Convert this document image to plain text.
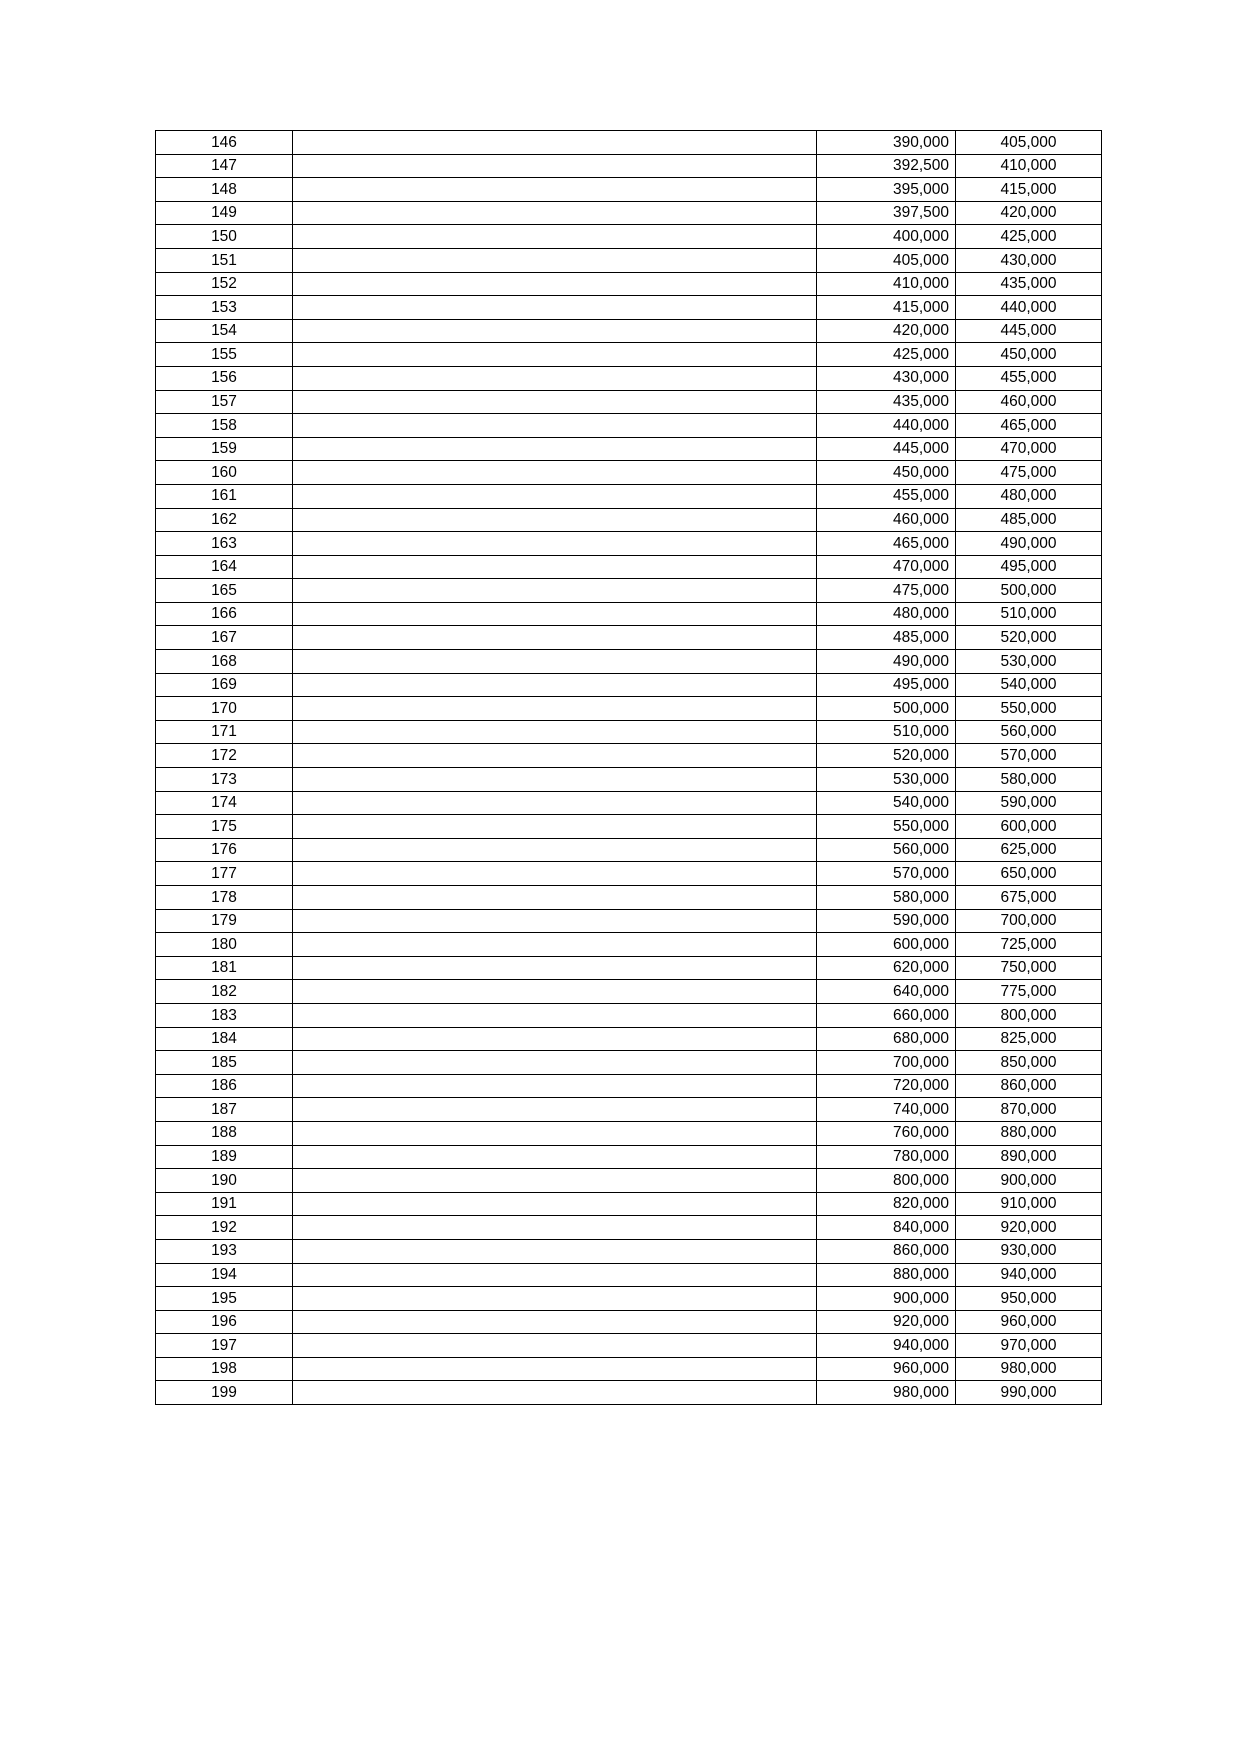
146		390,000	405,000
147		392,500	410,000
148		395,000	415,000
149		397,500	420,000
150		400,000	425,000
151		405,000	430,000
152		410,000	435,000
153		415,000	440,000
154		420,000	445,000
155		425,000	450,000
156		430,000	455,000
157		435,000	460,000
158		440,000	465,000
159		445,000	470,000
160		450,000	475,000
161		455,000	480,000
162		460,000	485,000
163		465,000	490,000
164		470,000	495,000
165		475,000	500,000
166		480,000	510,000
167		485,000	520,000
168		490,000	530,000
169		495,000	540,000
170		500,000	550,000
171		510,000	560,000
172		520,000	570,000
173		530,000	580,000
174		540,000	590,000
175		550,000	600,000
176		560,000	625,000
177		570,000	650,000
178		580,000	675,000
179		590,000	700,000
180		600,000	725,000
181		620,000	750,000
182		640,000	775,000
183		660,000	800,000
184		680,000	825,000
185		700,000	850,000
186		720,000	860,000
187		740,000	870,000
188		760,000	880,000
189		780,000	890,000
190		800,000	900,000
191		820,000	910,000
192		840,000	920,000
193		860,000	930,000
194		880,000	940,000
195		900,000	950,000
196		920,000	960,000
197		940,000	970,000
198		960,000	980,000
199		980,000	990,000
